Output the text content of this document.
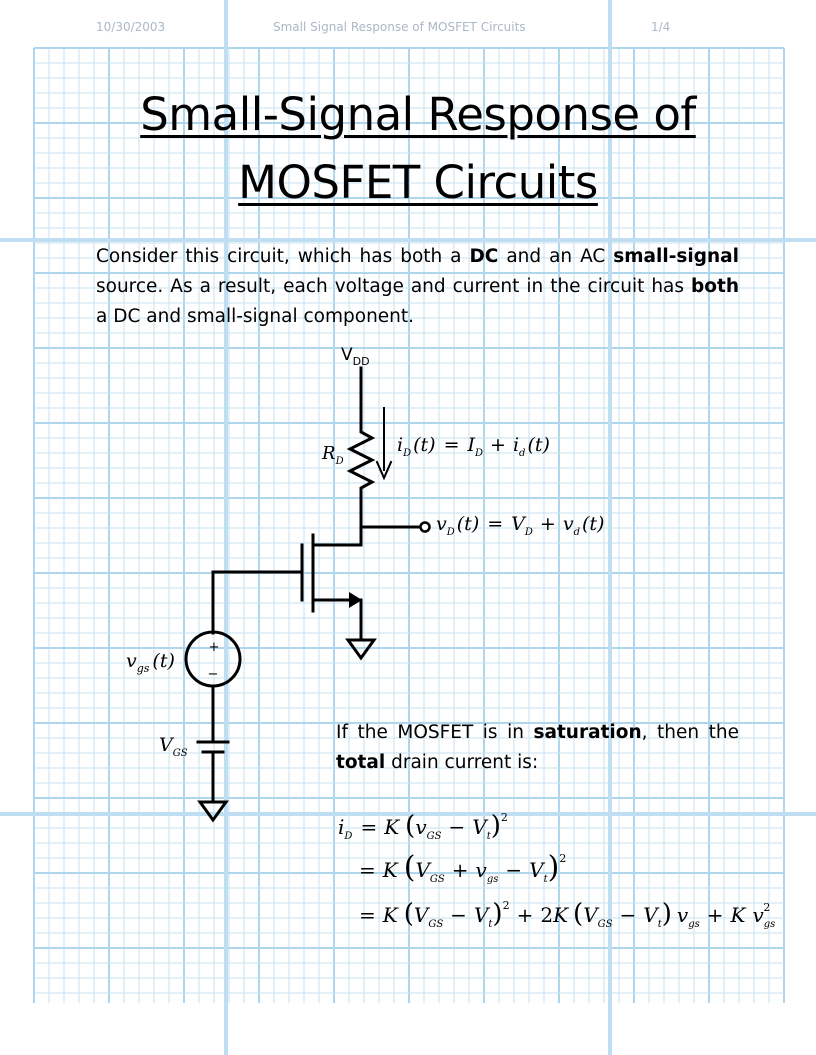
10/30/2003	Small Signal Response of MOSFET Circuits	1/4
Small-Signal Response of
MOSFET Circuits
Consider this circuit, which has both a DC and an AC small-signal source. As a result, each voltage and current in the circuit has both a DC and small-signal component.
$V_{DD}$
+
−
$R_D$
$i_D$ $(t) = I_D + i_d$ (t)
$v_D$ $(t) = V_D + v_d$ (t)
$v_{gs}$ (t)
$V_{GS}$
If the MOSFET is in saturation, then the total drain current is:
$i_D = K$ $(v_{GS} - V_t)^2$
= K $(V_{GS} + v_{gs} - V_t)^2$
= K $(V_{GS} - V_t)^2 + 2K$ $(V_{GS} - V_t) v_{gs} + K$ $v_{gs}2$
